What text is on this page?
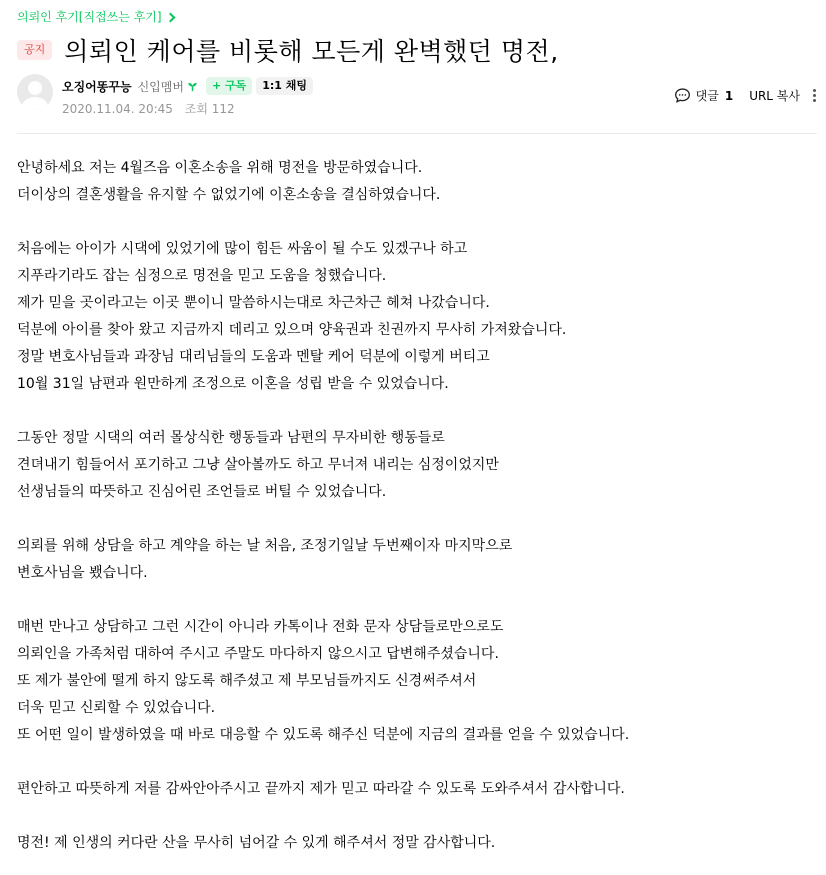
의뢰인 후기[직접쓰는 후기]
공지 의뢰인 케어를 비롯해 모든게 완벽했던 명전,
오징어똥꾸능 신입멤버	+ 구독	1:1 채팅
2020.11.04. 20:45 조회 112
댓글 1 URL 복사

안녕하세요 저는 4월즈음 이혼소송을 위해 명전을 방문하였습니다.

더이상의 결혼생활을 유지할 수 없었기에 이혼소송을 결심하였습니다.

처음에는 아이가 시댁에 있었기에 많이 힘든 싸움이 될 수도 있겠구나 하고

지푸라기라도 잡는 심정으로 명전을 믿고 도움을 청했습니다.

제가 믿을 곳이라고는 이곳 뿐이니 말씀하시는대로 차근차근 헤쳐 나갔습니다.

덕분에 아이를 찾아 왔고 지금까지 데리고 있으며 양육권과 친권까지 무사히 가져왔습니다.

정말 변호사님들과 과장님 대리님들의 도움과 멘탈 케어 덕분에 이렇게 버티고

10월 31일 남편과 원만하게 조정으로 이혼을 성립 받을 수 있었습니다.

그동안 정말 시댁의 여러 몰상식한 행동들과 남편의 무자비한 행동들로

견뎌내기 힘들어서 포기하고 그냥 살아볼까도 하고 무너져 내리는 심정이었지만

선생님들의 따뜻하고 진심어린 조언들로 버틸 수 있었습니다.

의뢰를 위해 상담을 하고 계약을 하는 날 처음, 조정기일날 두번째이자 마지막으로

변호사님을 뵀습니다.

매번 만나고 상담하고 그런 시간이 아니라 카톡이나 전화 문자 상담들로만으로도

의뢰인을 가족처럼 대하여 주시고 주말도 마다하지 않으시고 답변해주셨습니다.

또 제가 불안에 떨게 하지 않도록 해주셨고 제 부모님들까지도 신경써주셔서

더욱 믿고 신뢰할 수 있었습니다.

또 어떤 일이 발생하였을 때 바로 대응할 수 있도록 해주신 덕분에 지금의 결과를 얻을 수 있었습니다.

편안하고 따뜻하게 저를 감싸안아주시고 끝까지 제가 믿고 따라갈 수 있도록 도와주셔서 감사합니다.

명전! 제 인생의 커다란 산을 무사히 넘어갈 수 있게 해주셔서 정말 감사합니다.
